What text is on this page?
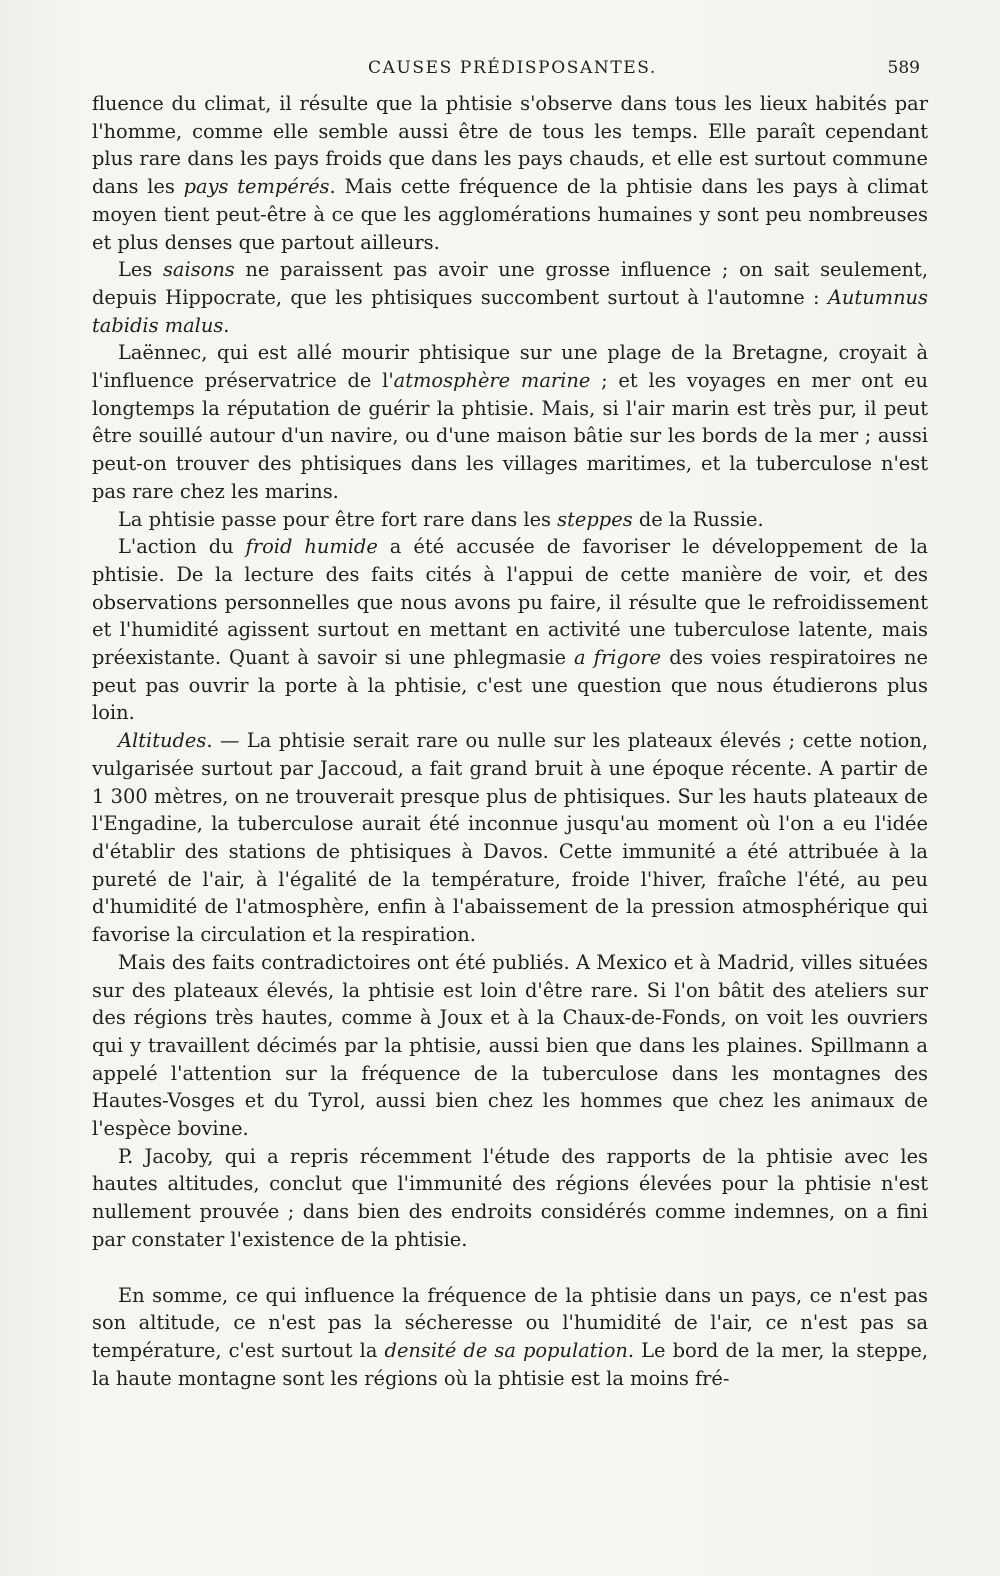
CAUSES PRÉDISPOSANTES.	589

fluence du climat, il résulte que la phtisie s'observe dans tous les lieux habités par l'homme, comme elle semble aussi être de tous les temps. Elle paraît cependant plus rare dans les pays froids que dans les pays chauds, et elle est surtout commune dans les pays tempérés. Mais cette fréquence de la phtisie dans les pays à climat moyen tient peut-être à ce que les agglomérations humaines y sont peu nombreuses et plus denses que partout ailleurs.

Les saisons ne paraissent pas avoir une grosse influence ; on sait seulement, depuis Hippocrate, que les phtisiques succombent surtout à l'automne : Autumnus tabidis malus.

Laënnec, qui est allé mourir phtisique sur une plage de la Bretagne, croyait à l'influence préservatrice de l'atmosphère marine ; et les voyages en mer ont eu longtemps la réputation de guérir la phtisie. Mais, si l'air marin est très pur, il peut être souillé autour d'un navire, ou d'une maison bâtie sur les bords de la mer ; aussi peut-on trouver des phtisiques dans les villages maritimes, et la tuberculose n'est pas rare chez les marins.

La phtisie passe pour être fort rare dans les steppes de la Russie.

L'action du froid humide a été accusée de favoriser le développement de la phtisie. De la lecture des faits cités à l'appui de cette manière de voir, et des observations personnelles que nous avons pu faire, il résulte que le refroidissement et l'humidité agissent surtout en mettant en activité une tuberculose latente, mais préexistante. Quant à savoir si une phlegmasie a frigore des voies respiratoires ne peut pas ouvrir la porte à la phtisie, c'est une question que nous étudierons plus loin.

Altitudes. — La phtisie serait rare ou nulle sur les plateaux élevés ; cette notion, vulgarisée surtout par Jaccoud, a fait grand bruit à une époque récente. A partir de 1 300 mètres, on ne trouverait presque plus de phtisiques. Sur les hauts plateaux de l'Engadine, la tuberculose aurait été inconnue jusqu'au moment où l'on a eu l'idée d'établir des stations de phtisiques à Davos. Cette immunité a été attribuée à la pureté de l'air, à l'égalité de la température, froide l'hiver, fraîche l'été, au peu d'humidité de l'atmosphère, enfin à l'abaissement de la pression atmosphérique qui favorise la circulation et la respiration.

Mais des faits contradictoires ont été publiés. A Mexico et à Madrid, villes situées sur des plateaux élevés, la phtisie est loin d'être rare. Si l'on bâtit des ateliers sur des régions très hautes, comme à Joux et à la Chaux-de-Fonds, on voit les ouvriers qui y travaillent décimés par la phtisie, aussi bien que dans les plaines. Spillmann a appelé l'attention sur la fréquence de la tuberculose dans les montagnes des Hautes-Vosges et du Tyrol, aussi bien chez les hommes que chez les animaux de l'espèce bovine.

P. Jacoby, qui a repris récemment l'étude des rapports de la phtisie avec les hautes altitudes, conclut que l'immunité des régions élevées pour la phtisie n'est nullement prouvée ; dans bien des endroits considérés comme indemnes, on a fini par constater l'existence de la phtisie.

En somme, ce qui influence la fréquence de la phtisie dans un pays, ce n'est pas son altitude, ce n'est pas la sécheresse ou l'humidité de l'air, ce n'est pas sa température, c'est surtout la densité de sa population. Le bord de la mer, la steppe, la haute montagne sont les régions où la phtisie est la moins fré-
